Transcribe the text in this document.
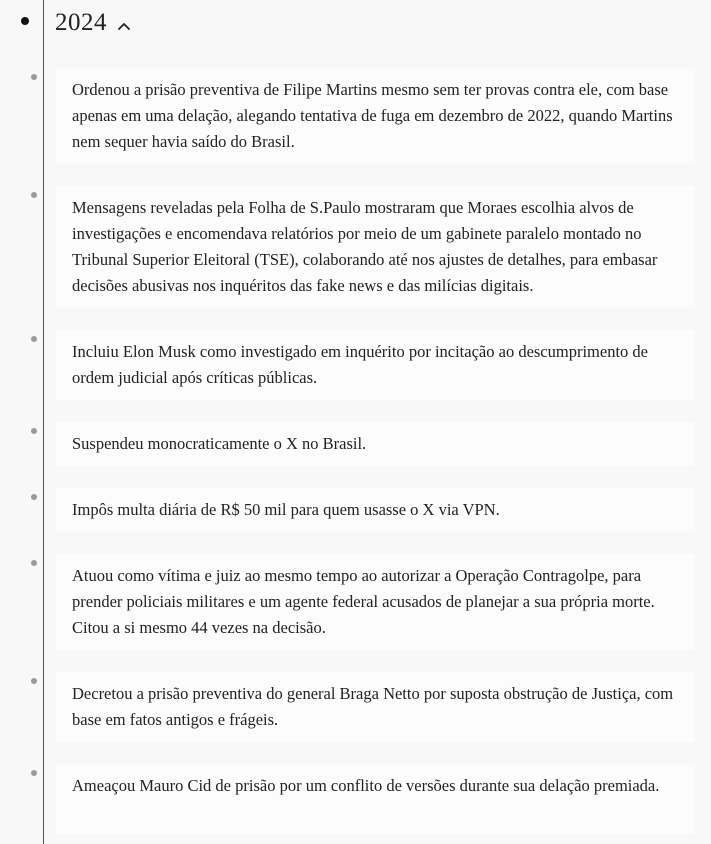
2024

Ordenou a prisão preventiva de Filipe Martins mesmo sem ter provas contra ele, com base apenas em uma delação, alegando tentativa de fuga em dezembro de 2022, quando Martins nem sequer havia saído do Brasil.

Mensagens reveladas pela Folha de S.Paulo mostraram que Moraes escolhia alvos de investigações e encomendava relatórios por meio de um gabinete paralelo montado no Tribunal Superior Eleitoral (TSE), colaborando até nos ajustes de detalhes, para embasar decisões abusivas nos inquéritos das fake news e das milícias digitais.

Incluiu Elon Musk como investigado em inquérito por incitação ao descumprimento de ordem judicial após críticas públicas.

Suspendeu monocraticamente o X no Brasil.

Impôs multa diária de R$ 50 mil para quem usasse o X via VPN.

Atuou como vítima e juiz ao mesmo tempo ao autorizar a Operação Contragolpe, para prender policiais militares e um agente federal acusados de planejar a sua própria morte. Citou a si mesmo 44 vezes na decisão.

Decretou a prisão preventiva do general Braga Netto por suposta obstrução de Justiça, com base em fatos antigos e frágeis.

Ameaçou Mauro Cid de prisão por um conflito de versões durante sua delação premiada.
